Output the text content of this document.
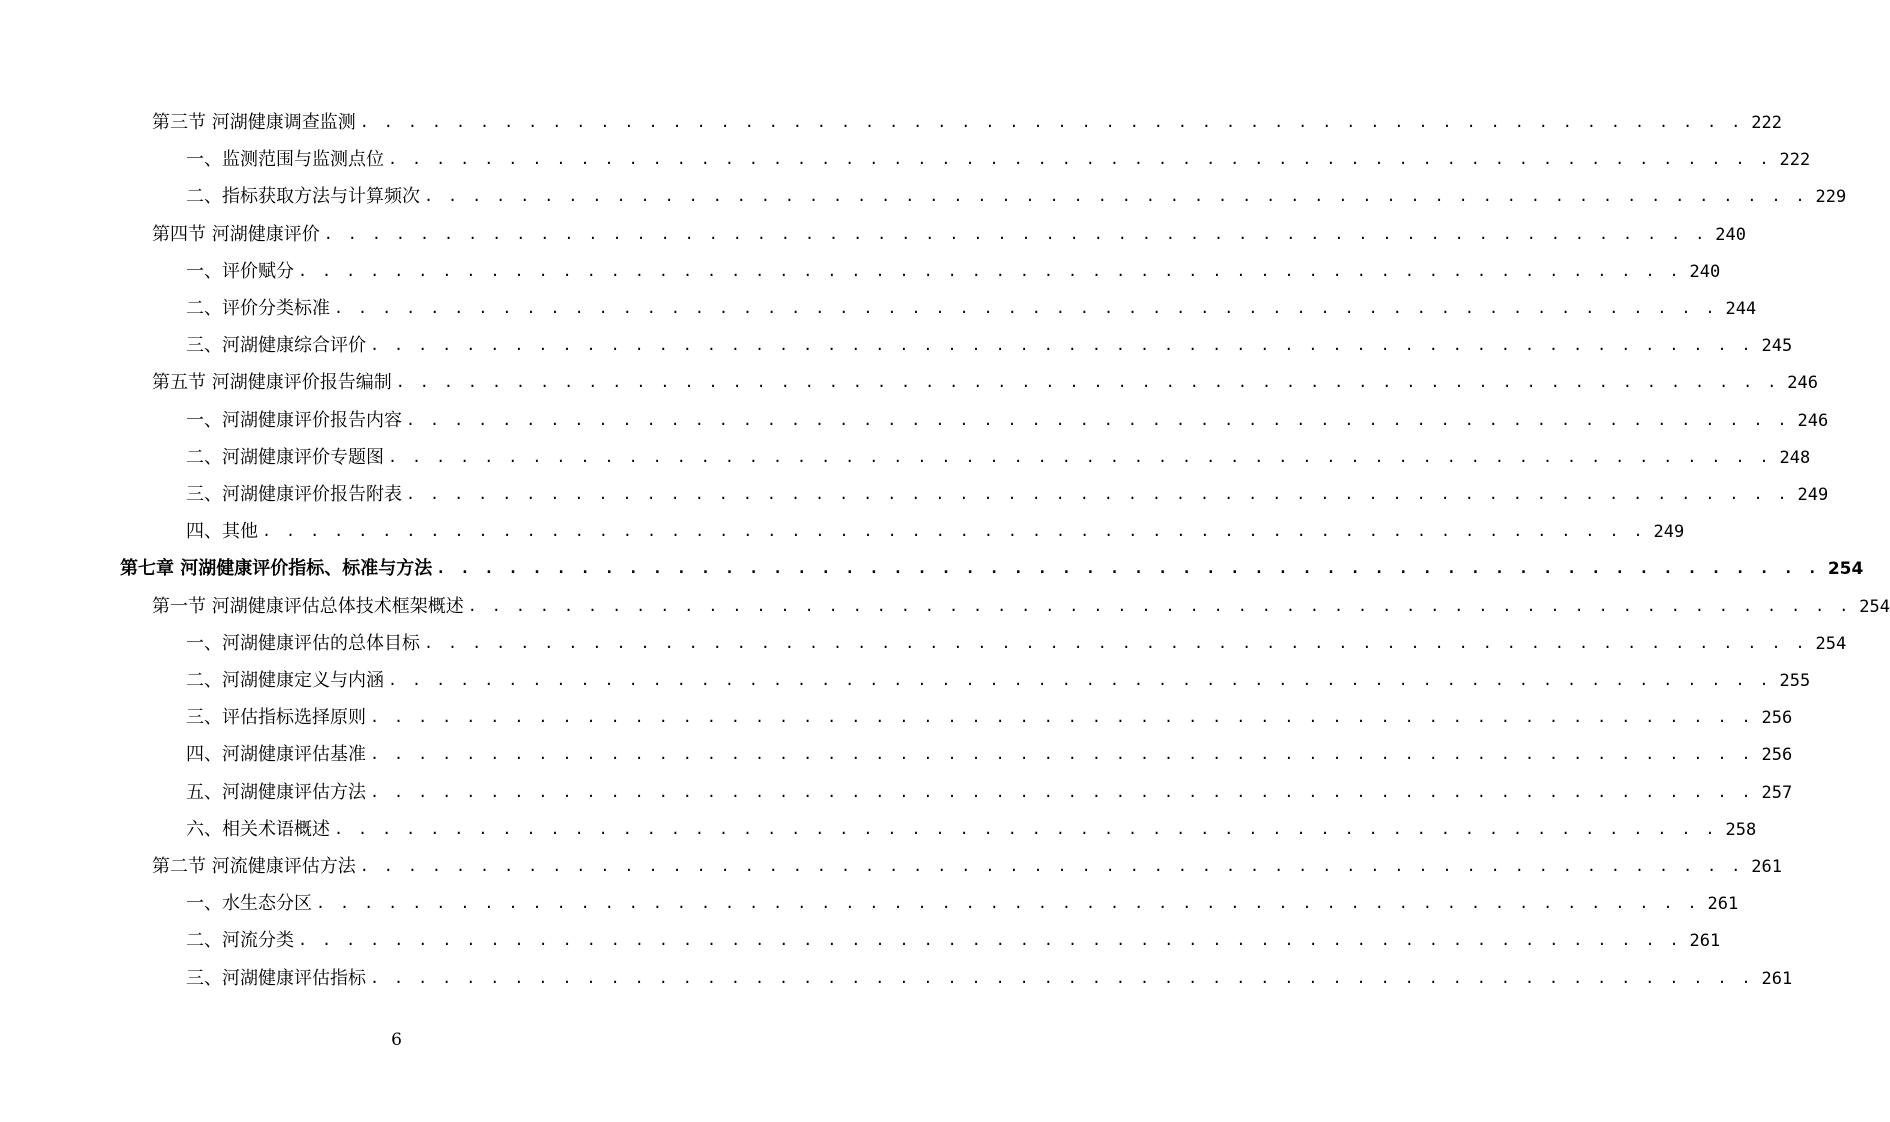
第三节 河湖健康调查监测 . . . . . . . . . . . . . . . . . . . . . . . . . . . . . . . . . . . . . . . . . . . . . . . . . . . . . . . . . . 222
一、监测范围与监测点位 . . . . . . . . . . . . . . . . . . . . . . . . . . . . . . . . . . . . . . . . . . . . . . . . . . . . . . . . . . 222
二、指标获取方法与计算频次 . . . . . . . . . . . . . . . . . . . . . . . . . . . . . . . . . . . . . . . . . . . . . . . . . . . . . . . . . . 229
第四节 河湖健康评价 . . . . . . . . . . . . . . . . . . . . . . . . . . . . . . . . . . . . . . . . . . . . . . . . . . . . . . . . . . 240
一、评价赋分 . . . . . . . . . . . . . . . . . . . . . . . . . . . . . . . . . . . . . . . . . . . . . . . . . . . . . . . . . . 240
二、评价分类标准 . . . . . . . . . . . . . . . . . . . . . . . . . . . . . . . . . . . . . . . . . . . . . . . . . . . . . . . . . . 244
三、河湖健康综合评价 . . . . . . . . . . . . . . . . . . . . . . . . . . . . . . . . . . . . . . . . . . . . . . . . . . . . . . . . . . 245
第五节 河湖健康评价报告编制 . . . . . . . . . . . . . . . . . . . . . . . . . . . . . . . . . . . . . . . . . . . . . . . . . . . . . . . . . . 246
一、河湖健康评价报告内容 . . . . . . . . . . . . . . . . . . . . . . . . . . . . . . . . . . . . . . . . . . . . . . . . . . . . . . . . . . 246
二、河湖健康评价专题图 . . . . . . . . . . . . . . . . . . . . . . . . . . . . . . . . . . . . . . . . . . . . . . . . . . . . . . . . . . 248
三、河湖健康评价报告附表 . . . . . . . . . . . . . . . . . . . . . . . . . . . . . . . . . . . . . . . . . . . . . . . . . . . . . . . . . . 249
四、其他 . . . . . . . . . . . . . . . . . . . . . . . . . . . . . . . . . . . . . . . . . . . . . . . . . . . . . . . . . . 249
第七章 河湖健康评价指标、标准与方法 . . . . . . . . . . . . . . . . . . . . . . . . . . . . . . . . . . . . . . . . . . . . . . . . . . . . . . . . . . 254
第一节 河湖健康评估总体技术框架概述 . . . . . . . . . . . . . . . . . . . . . . . . . . . . . . . . . . . . . . . . . . . . . . . . . . . . . . . . . . 254
一、河湖健康评估的总体目标 . . . . . . . . . . . . . . . . . . . . . . . . . . . . . . . . . . . . . . . . . . . . . . . . . . . . . . . . . . 254
二、河湖健康定义与内涵 . . . . . . . . . . . . . . . . . . . . . . . . . . . . . . . . . . . . . . . . . . . . . . . . . . . . . . . . . . 255
三、评估指标选择原则 . . . . . . . . . . . . . . . . . . . . . . . . . . . . . . . . . . . . . . . . . . . . . . . . . . . . . . . . . . 256
四、河湖健康评估基准 . . . . . . . . . . . . . . . . . . . . . . . . . . . . . . . . . . . . . . . . . . . . . . . . . . . . . . . . . . 256
五、河湖健康评估方法 . . . . . . . . . . . . . . . . . . . . . . . . . . . . . . . . . . . . . . . . . . . . . . . . . . . . . . . . . . 257
六、相关术语概述 . . . . . . . . . . . . . . . . . . . . . . . . . . . . . . . . . . . . . . . . . . . . . . . . . . . . . . . . . . 258
第二节 河流健康评估方法 . . . . . . . . . . . . . . . . . . . . . . . . . . . . . . . . . . . . . . . . . . . . . . . . . . . . . . . . . . 261
一、水生态分区 . . . . . . . . . . . . . . . . . . . . . . . . . . . . . . . . . . . . . . . . . . . . . . . . . . . . . . . . . . 261
二、河流分类 . . . . . . . . . . . . . . . . . . . . . . . . . . . . . . . . . . . . . . . . . . . . . . . . . . . . . . . . . . 261
三、河湖健康评估指标 . . . . . . . . . . . . . . . . . . . . . . . . . . . . . . . . . . . . . . . . . . . . . . . . . . . . . . . . . . 261
6
